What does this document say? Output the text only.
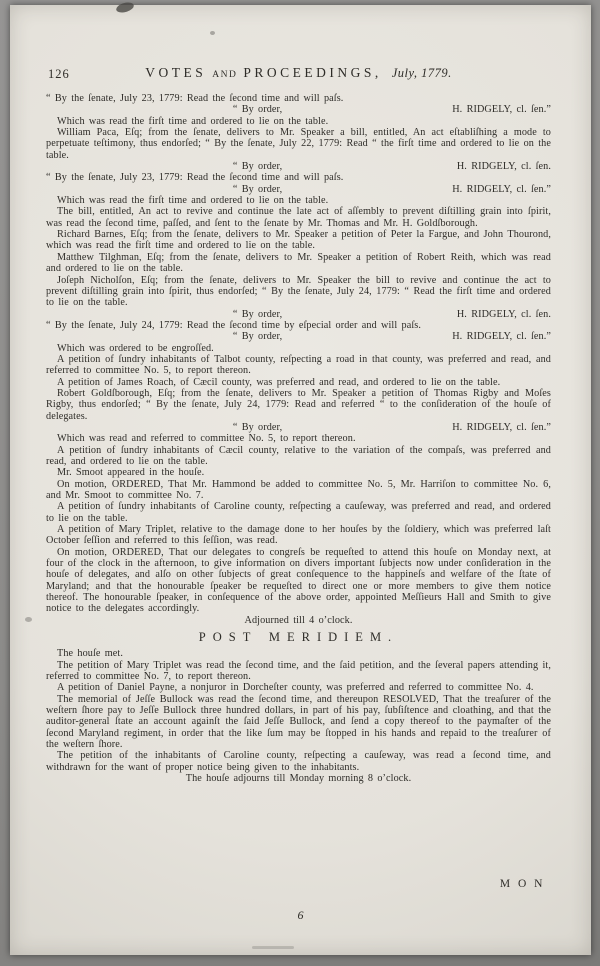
126	VOTES AND PROCEEDINGS, July, 1779.
“ By the ſenate, July 23, 1779: Read the ſecond time and will paſs.
“ By order,	H. RIDGELY, cl. ſen.”
Which was read the firſt time and ordered to lie on the table.
William Paca, Eſq; from the ſenate, delivers to Mr. Speaker a bill, entitled, An act eſtabliſhing a mode to perpetuate teſtimony, thus endorſed; “ By the ſenate, July 22, 1779: Read “ the firſt time and ordered to lie on the table.
“ By order,	H. RIDGELY, cl. ſen.
“ By the ſenate, July 23, 1779: Read the ſecond time and will paſs.
“ By order,	H. RIDGELY, cl. ſen.”
Which was read the firſt time and ordered to lie on the table.
The bill, entitled, An act to revive and continue the late act of aſſembly to prevent diſtilling grain into ſpirit, was read the ſecond time, paſſed, and ſent to the ſenate by Mr. Thomas and Mr. H. Goldſborough.
Richard Barnes, Eſq; from the ſenate, delivers to Mr. Speaker a petition of Peter la Fargue, and John Thourond, which was read the firſt time and ordered to lie on the table.
Matthew Tilghman, Eſq; from the ſenate, delivers to Mr. Speaker a petition of Robert Reith, which was read and ordered to lie on the table.
Joſeph Nicholſon, Eſq; from the ſenate, delivers to Mr. Speaker the bill to revive and continue the act to prevent diſtilling grain into ſpirit, thus endorſed; “ By the ſenate, July 24, 1779: “ Read the firſt time and ordered to lie on the table.
“ By order,	H. RIDGELY, cl. ſen.
“ By the ſenate, July 24, 1779: Read the ſecond time by eſpecial order and will paſs.
“ By order,	H. RIDGELY, cl. ſen.”
Which was ordered to be engroſſed.
A petition of ſundry inhabitants of Talbot county, reſpecting a road in that county, was preferred and read, and referred to committee No. 5, to report thereon.
A petition of James Roach, of Cæcil county, was preferred and read, and ordered to lie on the table.
Robert Goldſborough, Eſq; from the ſenate, delivers to Mr. Speaker a petition of Thomas Rigby and Moſes Rigby, thus endorſed; “ By the ſenate, July 24, 1779: Read and referred “ to the conſideration of the houſe of delegates.
“ By order,	H. RIDGELY, cl. ſen.”
Which was read and referred to committee No. 5, to report thereon.
A petition of ſundry inhabitants of Cæcil county, relative to the variation of the compaſs, was preferred and read, and ordered to lie on the table.
Mr. Smoot appeared in the houſe.
On motion, ORDERED, That Mr. Hammond be added to committee No. 5, Mr. Harriſon to committee No. 6, and Mr. Smoot to committee No. 7.
A petition of ſundry inhabitants of Caroline county, reſpecting a cauſeway, was preferred and read, and ordered to lie on the table.
A petition of Mary Triplet, relative to the damage done to her houſes by the ſoldiery, which was preferred laſt October ſeſſion and referred to this ſeſſion, was read.
On motion, ORDERED, That our delegates to congreſs be requeſted to attend this houſe on Monday next, at four of the clock in the afternoon, to give information on divers important ſubjects now under conſideration in the houſe of delegates, and alſo on other ſubjects of great conſequence to the happineſs and welfare of the ſtate of Maryland; and that the honourable ſpeaker be requeſted to direct one or more members to give them notice thereof. The honourable ſpeaker, in conſequence of the above order, appointed Meſſieurs Hall and Smith to give notice to the delegates accordingly.
Adjourned till 4 o’clock.
POST MERIDIEM.
The houſe met.
The petition of Mary Triplet was read the ſecond time, and the ſaid petition, and the ſeveral papers attending it, referred to committee No. 7, to report thereon.
A petition of Daniel Payne, a nonjuror in Dorcheſter county, was preferred and referred to committee No. 4.
The memorial of Jeſſe Bullock was read the ſecond time, and thereupon RESOLVED, That the treaſurer of the weſtern ſhore pay to Jeſſe Bullock three hundred dollars, in part of his pay, ſubſiſtence and cloathing, and that the auditor-general ſtate an account againſt the ſaid Jeſſe Bullock, and ſend a copy thereof to the paymaſter of the ſecond Maryland regiment, in order that the like ſum may be ſtopped in his hands and repaid to the treaſurer of the weſtern ſhore.
The petition of the inhabitants of Caroline county, reſpecting a cauſeway, was read a ſecond time, and withdrawn for the want of proper notice being given to the inhabitants.
The houſe adjourns till Monday morning 8 o’clock.
M O N
6
